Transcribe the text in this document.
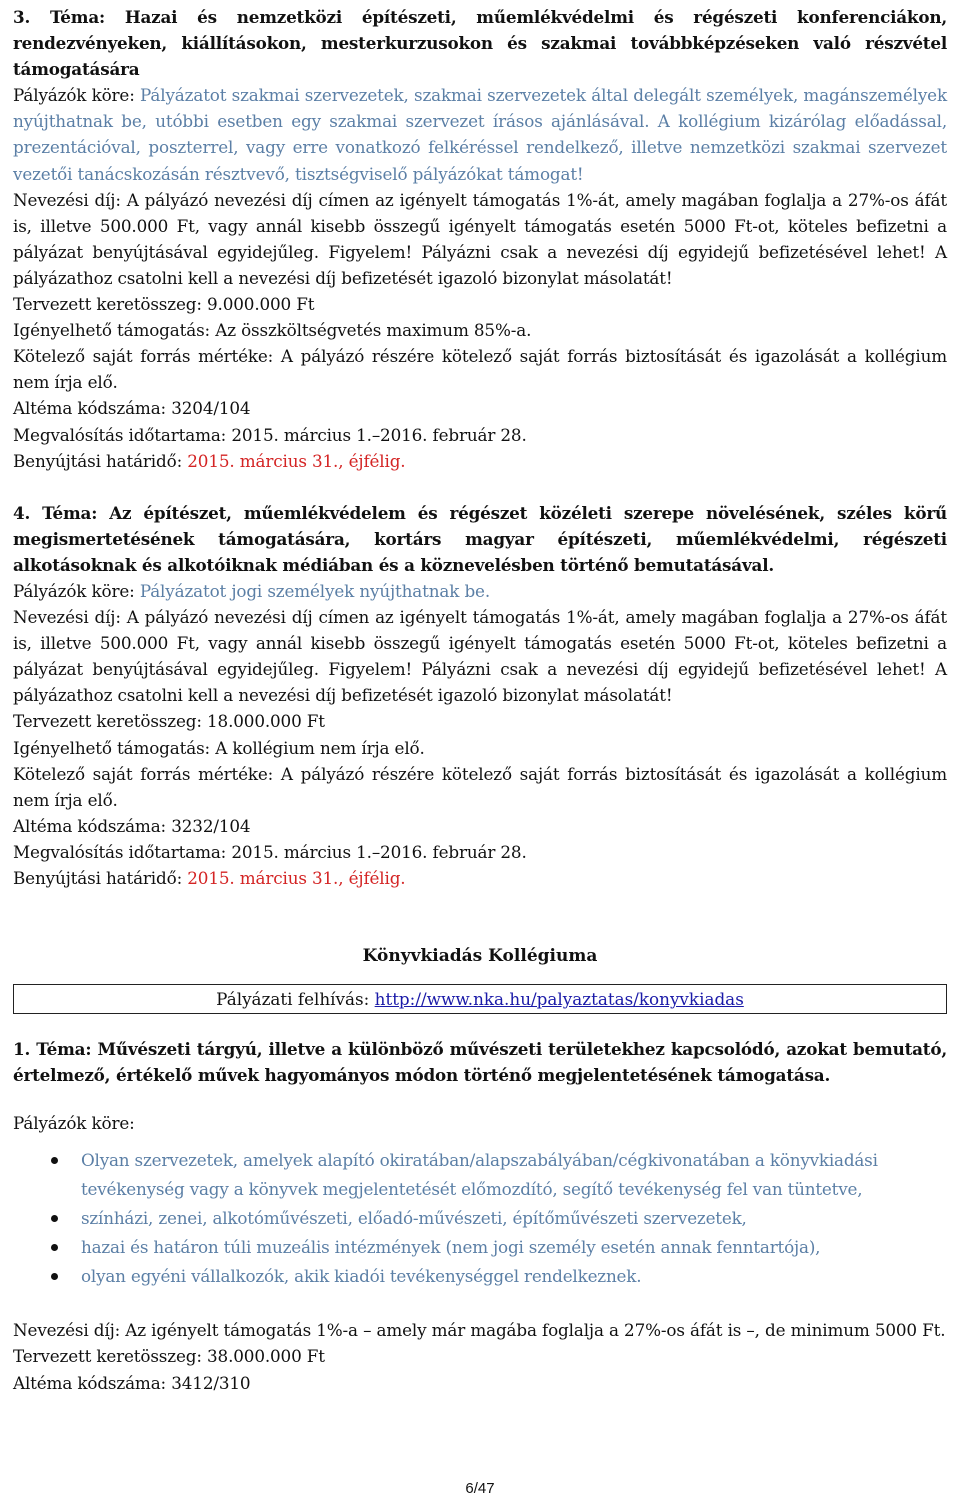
3. Téma: Hazai és nemzetközi építészeti, műemlékvédelmi és régészeti konferenciákon, rendezvényeken, kiállításokon, mesterkurzusokon és szakmai továbbképzéseken való részvétel támogatására

Pályázók köre: Pályázatot szakmai szervezetek, szakmai szervezetek által delegált személyek, magánszemélyek nyújthatnak be, utóbbi esetben egy szakmai szervezet írásos ajánlásával. A kollégium kizárólag előadással, prezentációval, poszterrel, vagy erre vonatkozó felkéréssel rendelkező, illetve nemzetközi szakmai szervezet vezetői tanácskozásán résztvevő, tisztségviselő pályázókat támogat!

Nevezési díj: A pályázó nevezési díj címen az igényelt támogatás 1%-át, amely magában foglalja a 27%-os áfát is, illetve 500.000 Ft, vagy annál kisebb összegű igényelt támogatás esetén 5000 Ft-ot, köteles befizetni a pályázat benyújtásával egyidejűleg. Figyelem! Pályázni csak a nevezési díj egyidejű befizetésével lehet! A pályázathoz csatolni kell a nevezési díj befizetését igazoló bizonylat másolatát!

Tervezett keretösszeg: 9.000.000 Ft

Igényelhető támogatás: Az összköltségvetés maximum 85%-a.

Kötelező saját forrás mértéke: A pályázó részére kötelező saját forrás biztosítását és igazolását a kollégium nem írja elő.

Altéma kódszáma: 3204/104

Megvalósítás időtartama: 2015. március 1.–2016. február 28.

Benyújtási határidő: 2015. március 31., éjfélig.

4. Téma: Az építészet, műemlékvédelem és régészet közéleti szerepe növelésének, széles körű megismertetésének támogatására, kortárs magyar építészeti, műemlékvédelmi, régészeti alkotásoknak és alkotóiknak médiában és a köznevelésben történő bemutatásával.

Pályázók köre: Pályázatot jogi személyek nyújthatnak be.

Nevezési díj: A pályázó nevezési díj címen az igényelt támogatás 1%-át, amely magában foglalja a 27%-os áfát is, illetve 500.000 Ft, vagy annál kisebb összegű igényelt támogatás esetén 5000 Ft-ot, köteles befizetni a pályázat benyújtásával egyidejűleg. Figyelem! Pályázni csak a nevezési díj egyidejű befizetésével lehet! A pályázathoz csatolni kell a nevezési díj befizetését igazoló bizonylat másolatát!

Tervezett keretösszeg: 18.000.000 Ft

Igényelhető támogatás: A kollégium nem írja elő.

Kötelező saját forrás mértéke: A pályázó részére kötelező saját forrás biztosítását és igazolását a kollégium nem írja elő.

Altéma kódszáma: 3232/104

Megvalósítás időtartama: 2015. március 1.–2016. február 28.

Benyújtási határidő: 2015. március 31., éjfélig.

Könyvkiadás Kollégiuma

Pályázati felhívás: http://www.nka.hu/palyaztatas/konyvkiadas

1. Téma: Művészeti tárgyú, illetve a különböző művészeti területekhez kapcsolódó, azokat bemutató, értelmező, értékelő művek hagyományos módon történő megjelentetésének támogatása.

Pályázók köre:

Olyan szervezetek, amelyek alapító okiratában/alapszabályában/cégkivonatában a könyvkiadási tevékenység vagy a könyvek megjelentetését előmozdító, segítő tevékenység fel van tüntetve,
színházi, zenei, alkotóművészeti, előadó-művészeti, építőművészeti szervezetek,
hazai és határon túli muzeális intézmények (nem jogi személy esetén annak fenntartója),
olyan egyéni vállalkozók, akik kiadói tevékenységgel rendelkeznek.

Nevezési díj: Az igényelt támogatás 1%-a – amely már magába foglalja a 27%-os áfát is –, de minimum 5000 Ft.

Tervezett keretösszeg: 38.000.000 Ft

Altéma kódszáma: 3412/310

6/47
